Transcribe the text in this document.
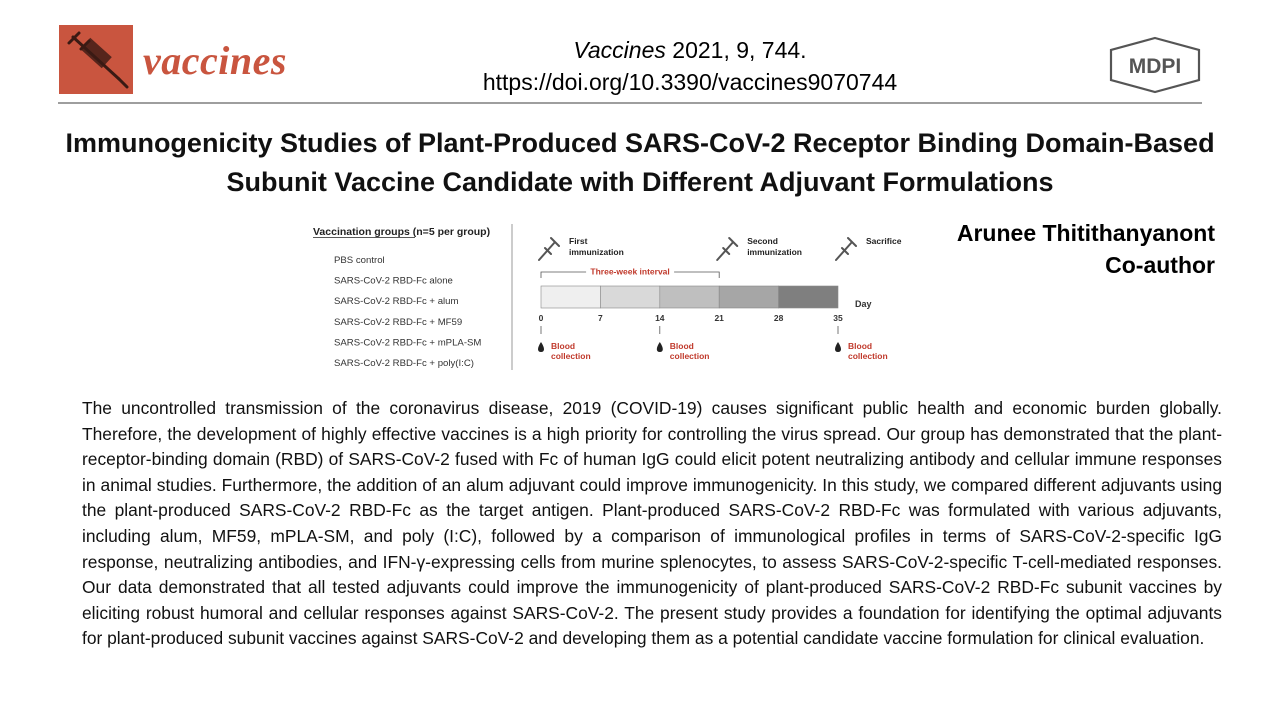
vaccines	Vaccines 2021, 9, 744.
https://doi.org/10.3390/vaccines9070744
MDPI
Immunogenicity Studies of Plant-Produced SARS-CoV-2 Receptor Binding Domain-Based Subunit Vaccine Candidate with Different Adjuvant Formulations
Arunee Thitithanyanont
Co-author
Vaccination groups (n=5 per group)
PBS control
SARS-CoV-2 RBD-Fc alone
SARS-CoV-2 RBD-Fc + alum
SARS-CoV-2 RBD-Fc + MF59
SARS-CoV-2 RBD-Fc + mPLA-SM
SARS-CoV-2 RBD-Fc + poly(I:C)
0	7	14	21	28	35
Day
Three-week interval
First
immunization
Second
immunization
Sacrifice
Blood
collection
Blood
collection
Blood
collection
The uncontrolled transmission of the coronavirus disease, 2019 (COVID-19) causes significant public health and economic burden globally. Therefore, the development of highly effective vaccines is a high priority for controlling the virus spread. Our group has demonstrated that the plant-receptor-binding domain (RBD) of SARS-CoV-2 fused with Fc of human IgG could elicit potent neutralizing antibody and cellular immune responses in animal studies. Furthermore, the addition of an alum adjuvant could improve immunogenicity. In this study, we compared different adjuvants using the plant-produced SARS-CoV-2 RBD-Fc as the target antigen. Plant-produced SARS-CoV-2 RBD-Fc was formulated with various adjuvants, including alum, MF59, mPLA-SM, and poly (I:C), followed by a comparison of immunological profiles in terms of SARS-CoV-2-specific IgG response, neutralizing antibodies, and IFN-γ-expressing cells from murine splenocytes, to assess SARS-CoV-2-specific T-cell-mediated responses. Our data demonstrated that all tested adjuvants could improve the immunogenicity of plant-produced SARS-CoV-2 RBD-Fc subunit vaccines by eliciting robust humoral and cellular responses against SARS-CoV-2. The present study provides a foundation for identifying the optimal adjuvants for plant-produced subunit vaccines against SARS-CoV-2 and developing them as a potential candidate vaccine formulation for clinical evaluation.
